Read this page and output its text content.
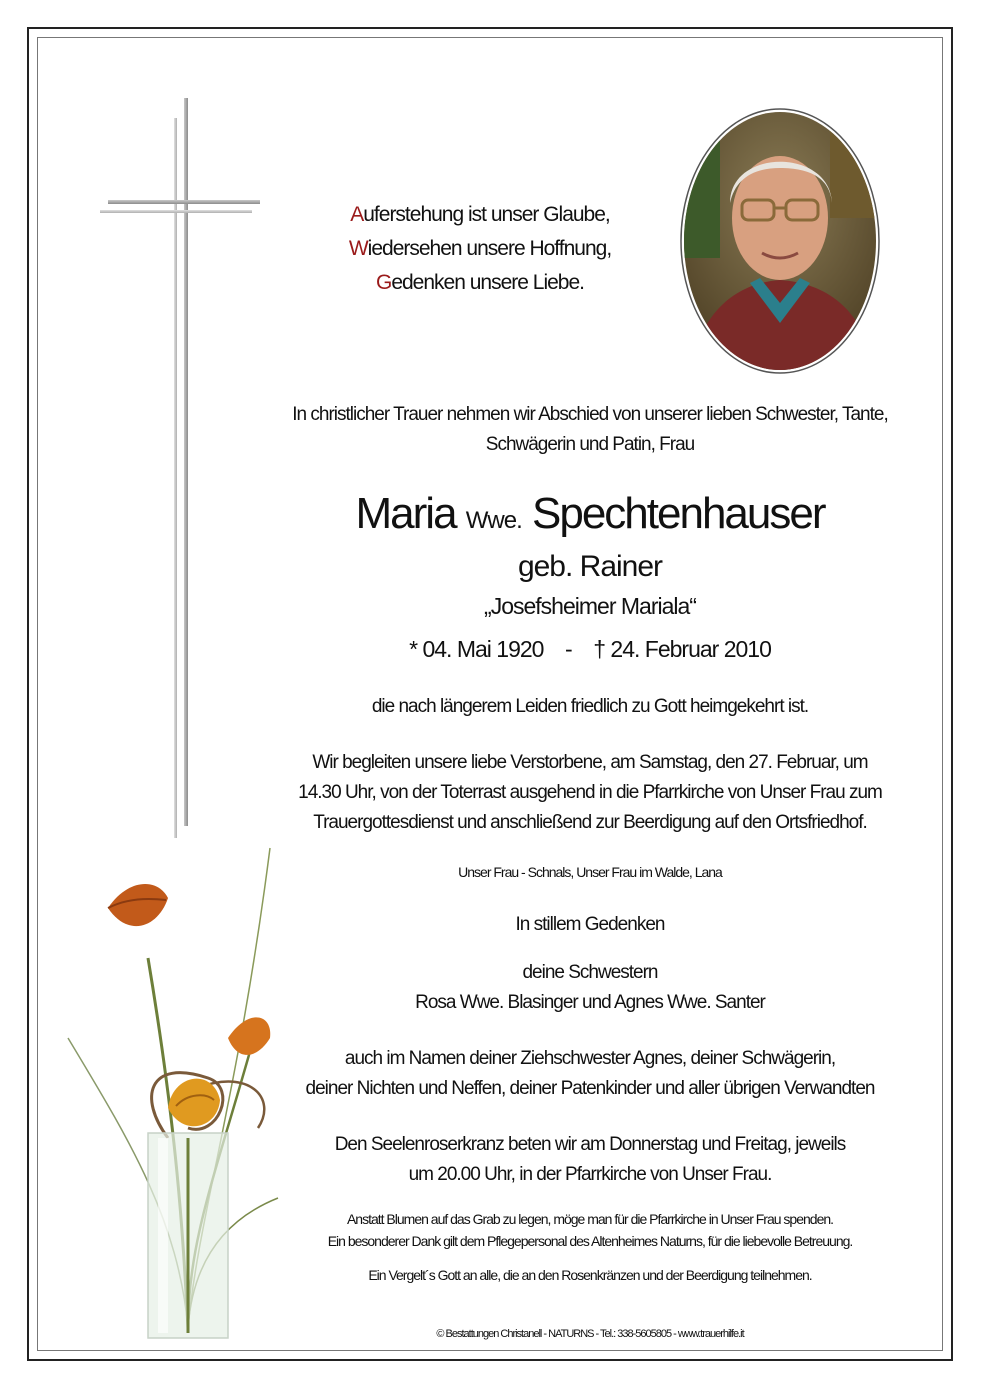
Auferstehung ist unser Glaube,
Wiedersehen unsere Hoffnung,
Gedenken unsere Liebe.
In christlicher Trauer nehmen wir Abschied von unserer lieben Schwester, Tante,
Schwägerin und Patin, Frau
Maria Wwe. Spechtenhauser
geb. Rainer
„Josefsheimer Mariala“
* 04. Mai 1920    -    † 24. Februar 2010
die nach längerem Leiden friedlich zu Gott heimgekehrt ist.
Wir begleiten unsere liebe Verstorbene, am Samstag, den 27. Februar, um
14.30 Uhr, von der Toterrast ausgehend in die Pfarrkirche von Unser Frau zum
Trauergottesdienst und anschließend zur Beerdigung auf den Ortsfriedhof.
Unser Frau - Schnals, Unser Frau im Walde, Lana
In stillem Gedenken
deine Schwestern
Rosa Wwe. Blasinger und Agnes Wwe. Santer
auch im Namen deiner Ziehschwester Agnes, deiner Schwägerin,
deiner Nichten und Neffen, deiner Patenkinder und aller übrigen Verwandten
Den Seelenroserkranz beten wir am Donnerstag und Freitag, jeweils
um 20.00 Uhr, in der Pfarrkirche von Unser Frau.
Anstatt Blumen auf das Grab zu legen, möge man für die Pfarrkirche in Unser Frau spenden.
Ein besonderer Dank gilt dem Pflegepersonal des Altenheimes Naturns, für die liebevolle Betreuung.
Ein Vergelt´s Gott an alle, die an den Rosenkränzen und der Beerdigung teilnehmen.
© Bestattungen Christanell - NATURNS - Tel.: 338-5605805 - www.trauerhilfe.it
